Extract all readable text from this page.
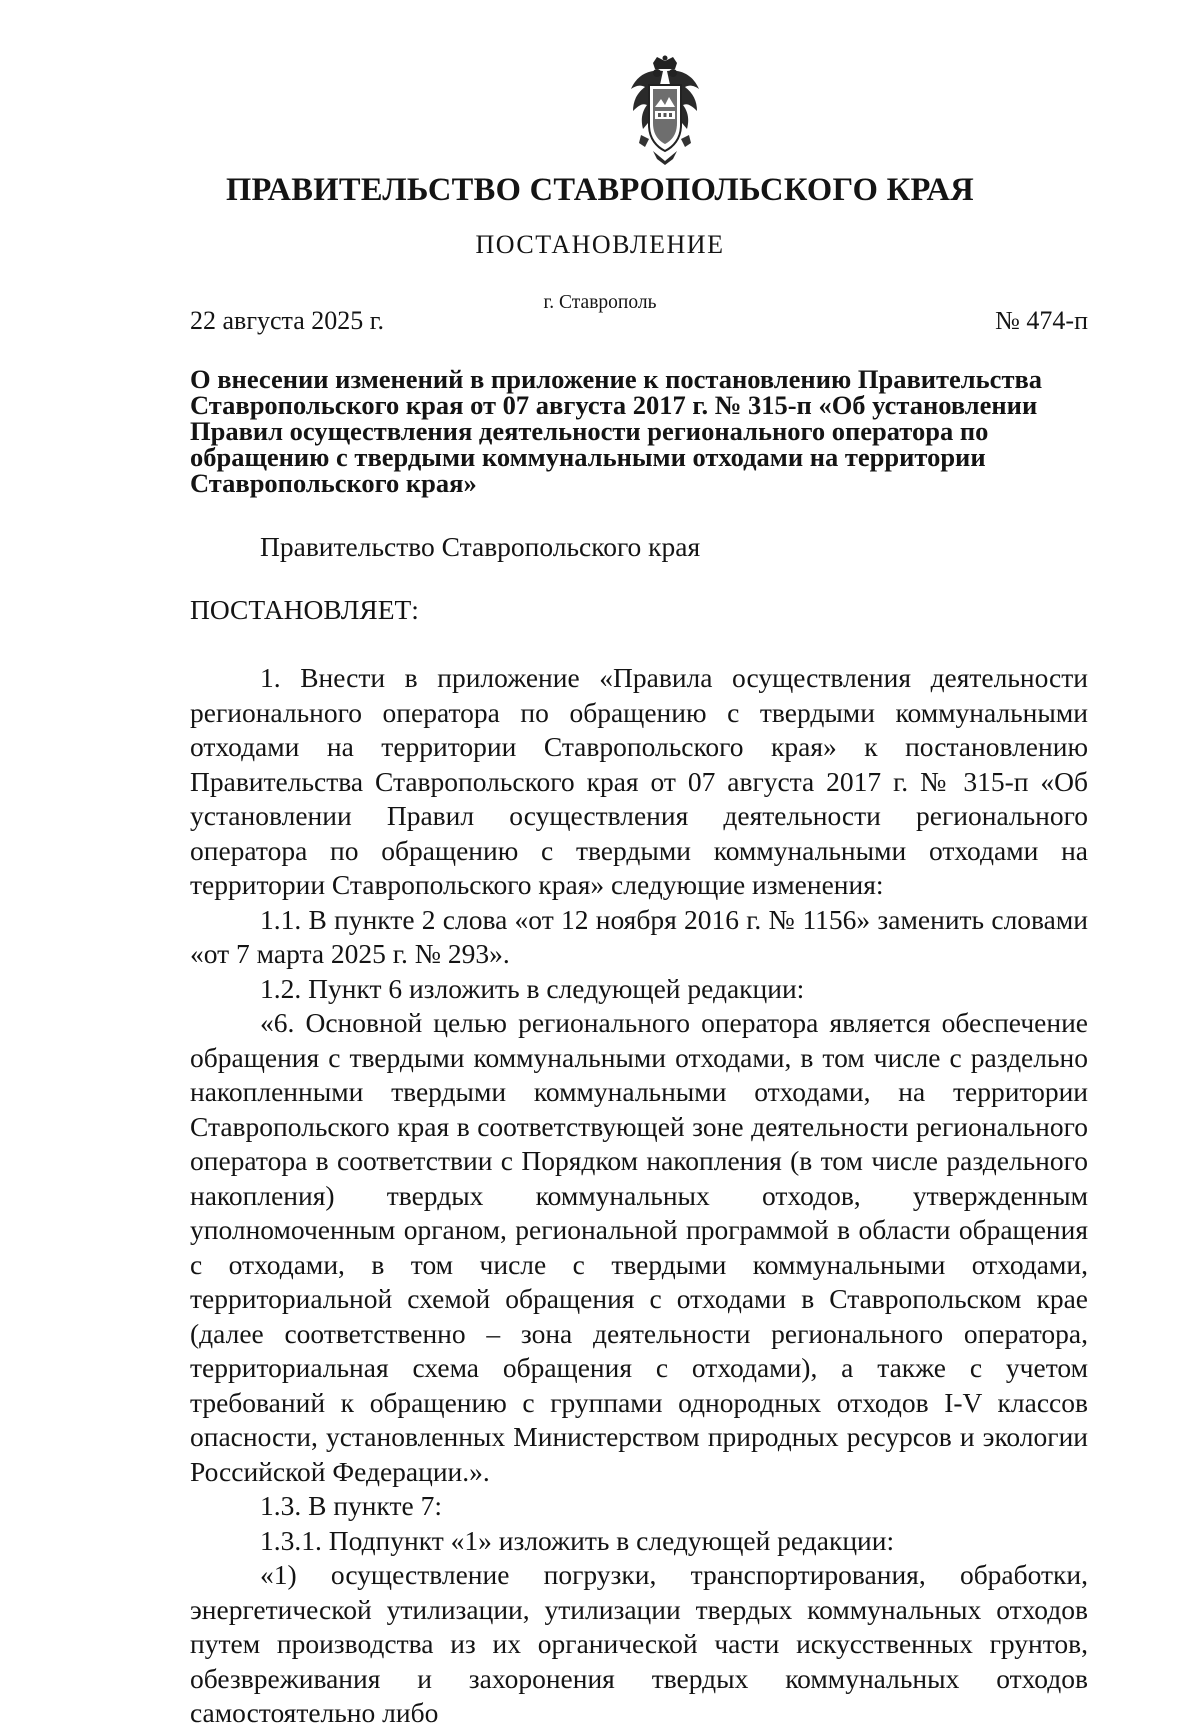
ПРАВИТЕЛЬСТВО СТАВРОПОЛЬСКОГО КРАЯ
ПОСТАНОВЛЕНИЕ
г. Ставрополь
22 августа 2025 г.	№ 474-п
О внесении изменений в приложение к постановлению Правительства Ставропольского края от 07 августа 2017 г. № 315-п «Об установлении Правил осуществления деятельности регионального оператора по обращению с твердыми коммунальными отходами на территории Ставропольского края»

Правительство Ставропольского края

ПОСТАНОВЛЯЕТ:

1. Внести в приложение «Правила осуществления деятельности регионального оператора по обращению с твердыми коммунальными отходами на территории Ставропольского края» к постановлению Правительства Ставропольского края от 07 августа 2017 г. № 315-п «Об установлении Правил осуществления деятельности регионального оператора по обращению с твердыми коммунальными отходами на территории Ставропольского края» следующие изменения:

1.1. В пункте 2 слова «от 12 ноября 2016 г. № 1156» заменить словами «от 7 марта 2025 г. № 293».

1.2. Пункт 6 изложить в следующей редакции:

«6. Основной целью регионального оператора является обеспечение обращения с твердыми коммунальными отходами, в том числе с раздельно накопленными твердыми коммунальными отходами, на территории Ставропольского края в соответствующей зоне деятельности регионального оператора в соответствии с Порядком накопления (в том числе раздельного накопления) твердых коммунальных отходов, утвержденным уполномоченным органом, региональной программой в области обращения с отходами, в том числе с твердыми коммунальными отходами, территориальной схемой обращения с отходами в Ставропольском крае (далее соответственно – зона деятельности регионального оператора, территориальная схема обращения с отходами), а также с учетом требований к обращению с группами однородных отходов I-V классов опасности, установленных Министерством природных ресурсов и экологии Российской Федерации.».

1.3. В пункте 7:

1.3.1. Подпункт «1» изложить в следующей редакции:

«1) осуществление погрузки, транспортирования, обработки, энергетической утилизации, утилизации твердых коммунальных отходов путем производства из их органической части искусственных грунтов, обезвреживания и захоронения твердых коммунальных отходов самостоятельно либо
